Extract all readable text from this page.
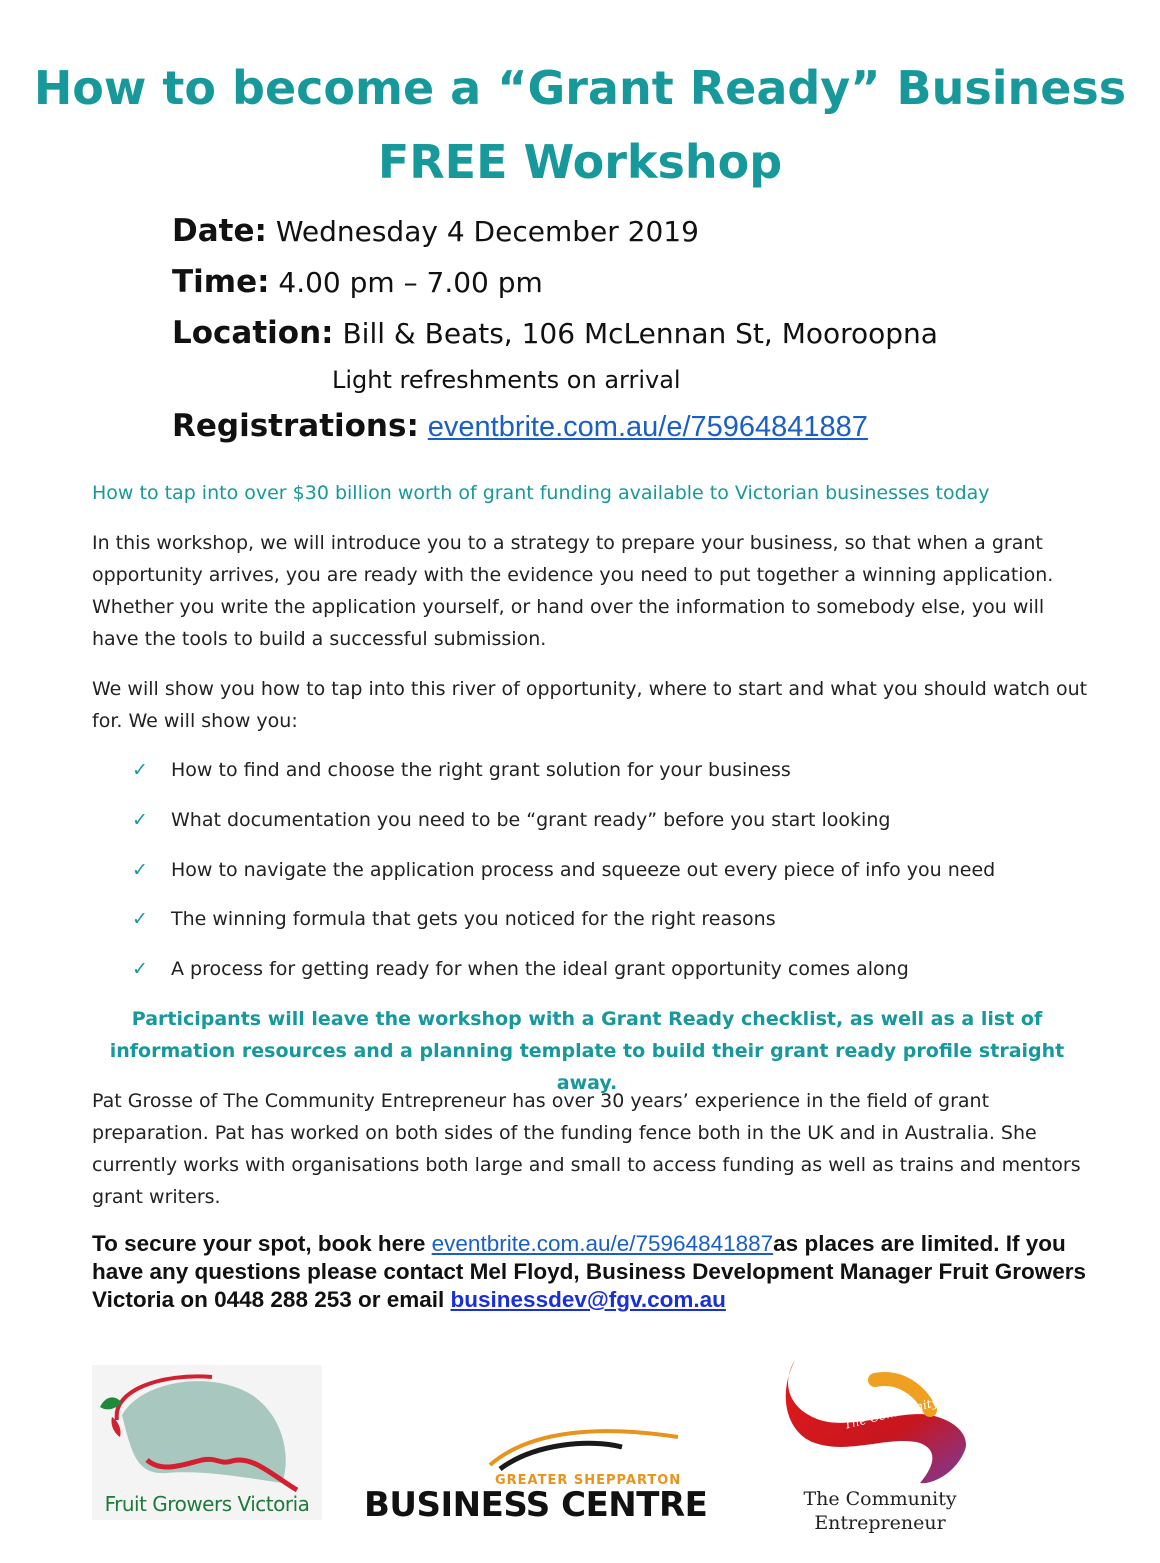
How to become a “Grant Ready” Business
FREE Workshop
Date: Wednesday 4 December 2019
Time: 4.00 pm – 7.00 pm
Location: Bill & Beats, 106 McLennan St, Mooroopna
Light refreshments on arrival
Registrations: eventbrite.com.au/e/75964841887
How to tap into over $30 billion worth of grant funding available to Victorian businesses today

In this workshop, we will introduce you to a strategy to prepare your business, so that when a grant opportunity arrives, you are ready with the evidence you need to put together a winning application. Whether you write the application yourself, or hand over the information to somebody else, you will have the tools to build a successful submission.

We will show you how to tap into this river of opportunity, where to start and what you should watch out for. We will show you:

✓	How to find and choose the right grant solution for your business
✓	What documentation you need to be “grant ready” before you start looking
✓	How to navigate the application process and squeeze out every piece of info you need
✓	The winning formula that gets you noticed for the right reasons
✓	A process for getting ready for when the ideal grant opportunity comes along

Participants will leave the workshop with a Grant Ready checklist, as well as a list of information resources and a planning template to build their grant ready profile straight away.

Pat Grosse of The Community Entrepreneur has over 30 years’ experience in the field of grant preparation. Pat has worked on both sides of the funding fence both in the UK and in Australia. She currently works with organisations both large and small to access funding as well as trains and mentors grant writers.

To secure your spot, book here eventbrite.com.au/e/75964841887as places are limited. If you have any questions please contact Mel Floyd, Business Development Manager Fruit Growers Victoria on 0448 288 253 or email businessdev@fgv.com.au
Fruit Growers Victoria
GREATER SHEPPARTON
BUSINESS CENTRE
The Community Entrepreneur
The Community
Entrepreneur
